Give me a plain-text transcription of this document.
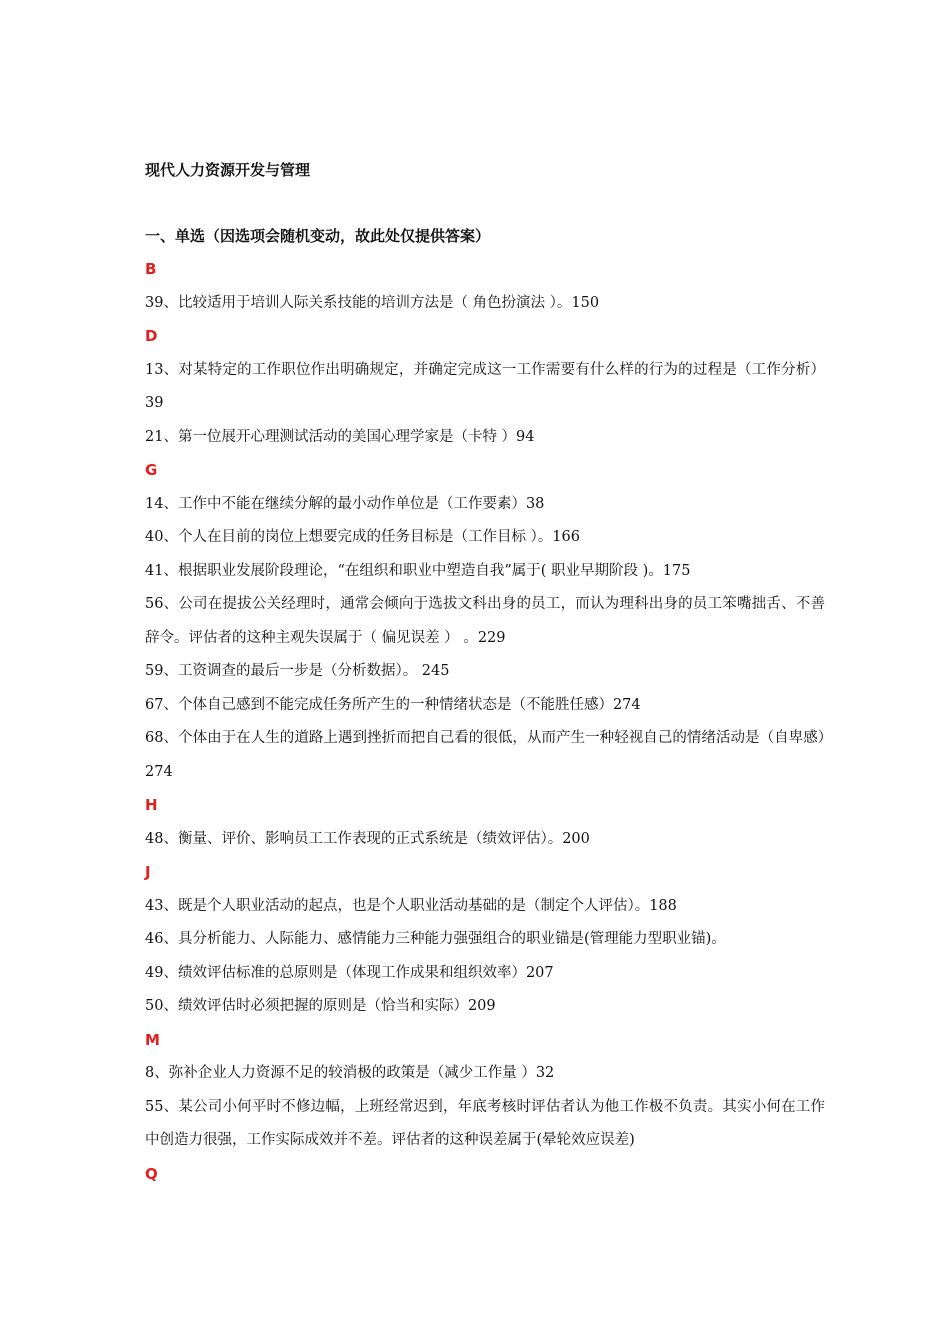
现代人力资源开发与管理
一、单选（因选项会随机变动，故此处仅提供答案）
B
39、比较适用于培训人际关系技能的培训方法是（ 角色扮演法 ）。150
D
13、对某特定的工作职位作出明确规定，并确定完成这一工作需要有什么样的行为的过程是（工作分析）39
21、第一位展开心理测试活动的美国心理学家是（卡特 ）94
G
14、工作中不能在继续分解的最小动作单位是（工作要素）38
40、个人在目前的岗位上想要完成的任务目标是（工作目标 ）。166
41、根据职业发展阶段理论，“在组织和职业中塑造自我”属于( 职业早期阶段 )。175
56、公司在提拔公关经理时，通常会倾向于选拔文科出身的员工，而认为理科出身的员工笨嘴拙舌、不善辞令。评估者的这种主观失误属于（ 偏见误差 ） 。229
59、工资调查的最后一步是（分析数据）。 245
67、个体自己感到不能完成任务所产生的一种情绪状态是（不能胜任感）274
68、个体由于在人生的道路上遇到挫折而把自己看的很低，从而产生一种轻视自己的情绪活动是（自卑感）274
H
48、衡量、评价、影响员工工作表现的正式系统是（绩效评估）。200
J
43、既是个人职业活动的起点，也是个人职业活动基础的是（制定个人评估）。188
46、具分析能力、人际能力、感情能力三种能力强强组合的职业锚是(管理能力型职业锚)。
49、绩效评估标准的总原则是（体现工作成果和组织效率）207
50、绩效评估时必须把握的原则是（恰当和实际）209
M
8、弥补企业人力资源不足的较消极的政策是（减少工作量 ）32
55、某公司小何平时不修边幅，上班经常迟到，年底考核时评估者认为他工作极不负责。其实小何在工作中创造力很强，工作实际成效并不差。评估者的这种误差属于(晕轮效应误差)
Q
